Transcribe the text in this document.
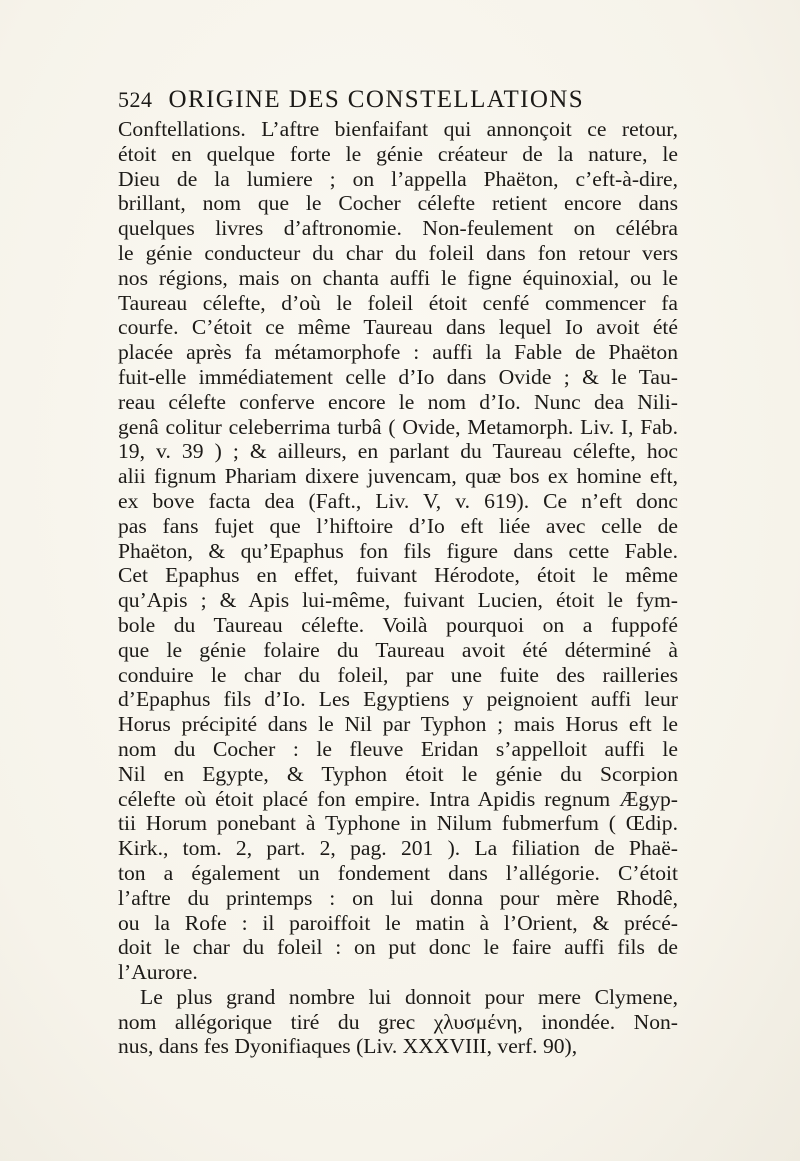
524 ORIGINE DES CONSTELLATIONS
Conftellations. L’aftre bienfaifant qui annonçoit ce retour,
étoit en quelque forte le génie créateur de la nature, le
Dieu de la lumiere ; on l’appella Phaëton, c’eft-à-dire,
brillant, nom que le Cocher célefte retient encore dans
quelques livres d’aftronomie. Non-feulement on célébra
le génie conducteur du char du foleil dans fon retour vers
nos régions, mais on chanta auffi le figne équinoxial, ou le
Taureau célefte, d’où le foleil étoit cenfé commencer fa
courfe. C’étoit ce même Taureau dans lequel Io avoit été
placée après fa métamorphofe : auffi la Fable de Phaëton
fuit-elle immédiatement celle d’Io dans Ovide ; & le Tau-
reau célefte conferve encore le nom d’Io. Nunc dea Nili-
genâ colitur celeberrima turbâ ( Ovide, Metamorph. Liv. I, Fab.
19, v. 39 ) ; & ailleurs, en parlant du Taureau célefte, hoc
alii fignum Phariam dixere juvencam, quæ bos ex homine eft,
ex bove facta dea (Faft., Liv. V, v. 619). Ce n’eft donc
pas fans fujet que l’hiftoire d’Io eft liée avec celle de
Phaëton, & qu’Epaphus fon fils figure dans cette Fable.
Cet Epaphus en effet, fuivant Hérodote, étoit le même
qu’Apis ; & Apis lui-même, fuivant Lucien, étoit le fym-
bole du Taureau célefte. Voilà pourquoi on a fuppofé
que le génie folaire du Taureau avoit été déterminé à
conduire le char du foleil, par une fuite des railleries
d’Epaphus fils d’Io. Les Egyptiens y peignoient auffi leur
Horus précipité dans le Nil par Typhon ; mais Horus eft le
nom du Cocher : le fleuve Eridan s’appelloit auffi le
Nil en Egypte, & Typhon étoit le génie du Scorpion
célefte où étoit placé fon empire. Intra Apidis regnum Ægyp-
tii Horum ponebant à Typhone in Nilum fubmerfum ( Œdip.
Kirk., tom. 2, part. 2, pag. 201 ). La filiation de Phaë-
ton a également un fondement dans l’allégorie. C’étoit
l’aftre du printemps : on lui donna pour mère Rhodê,
ou la Rofe : il paroiffoit le matin à l’Orient, & précé-
doit le char du foleil : on put donc le faire auffi fils de
l’Aurore.
Le plus grand nombre lui donnoit pour mere Clymene,
nom allégorique tiré du grec χλυσμένη, inondée. Non-
nus, dans fes Dyonifiaques (Liv. XXXVIII, verf. 90),
